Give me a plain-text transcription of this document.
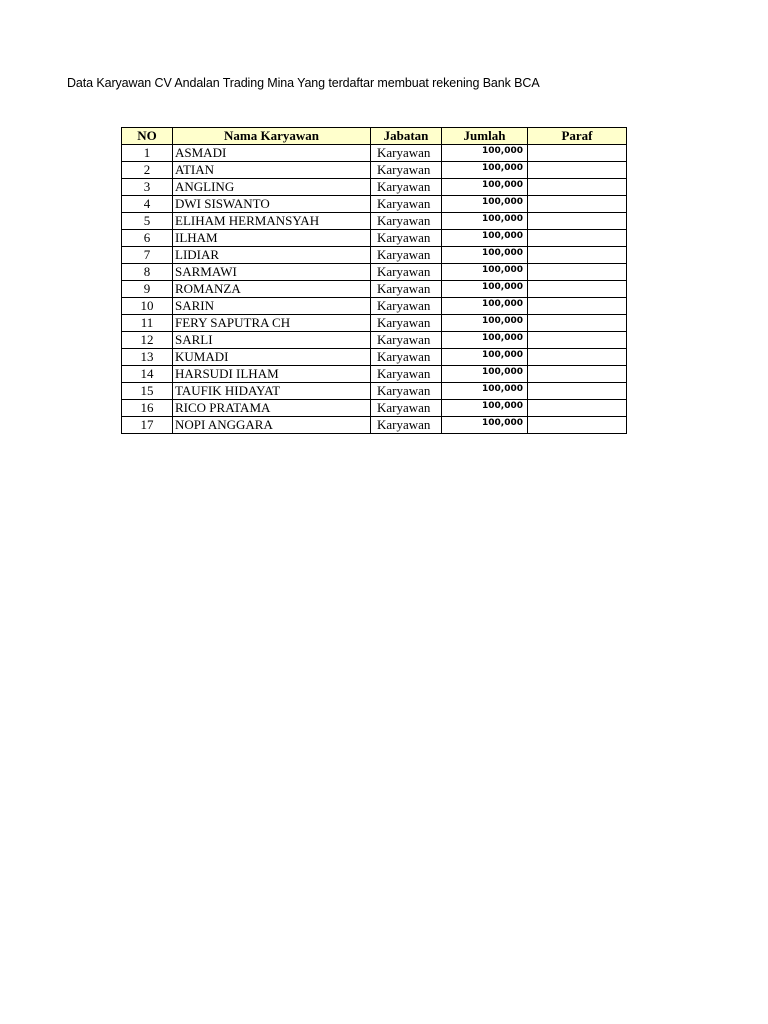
Data Karyawan CV Andalan Trading Mina Yang terdaftar membuat rekening Bank BCA
NO	Nama Karyawan	Jabatan	Jumlah	Paraf
1	ASMADI	Karyawan	100,000	
2	ATIAN	Karyawan	100,000	
3	ANGLING	Karyawan	100,000	
4	DWI SISWANTO	Karyawan	100,000	
5	ELIHAM HERMANSYAH	Karyawan	100,000	
6	ILHAM	Karyawan	100,000	
7	LIDIAR	Karyawan	100,000	
8	SARMAWI	Karyawan	100,000	
9	ROMANZA	Karyawan	100,000	
10	SARIN	Karyawan	100,000	
11	FERY SAPUTRA CH	Karyawan	100,000	
12	SARLI	Karyawan	100,000	
13	KUMADI	Karyawan	100,000	
14	HARSUDI ILHAM	Karyawan	100,000	
15	TAUFIK HIDAYAT	Karyawan	100,000	
16	RICO PRATAMA	Karyawan	100,000	
17	NOPI ANGGARA	Karyawan	100,000	
